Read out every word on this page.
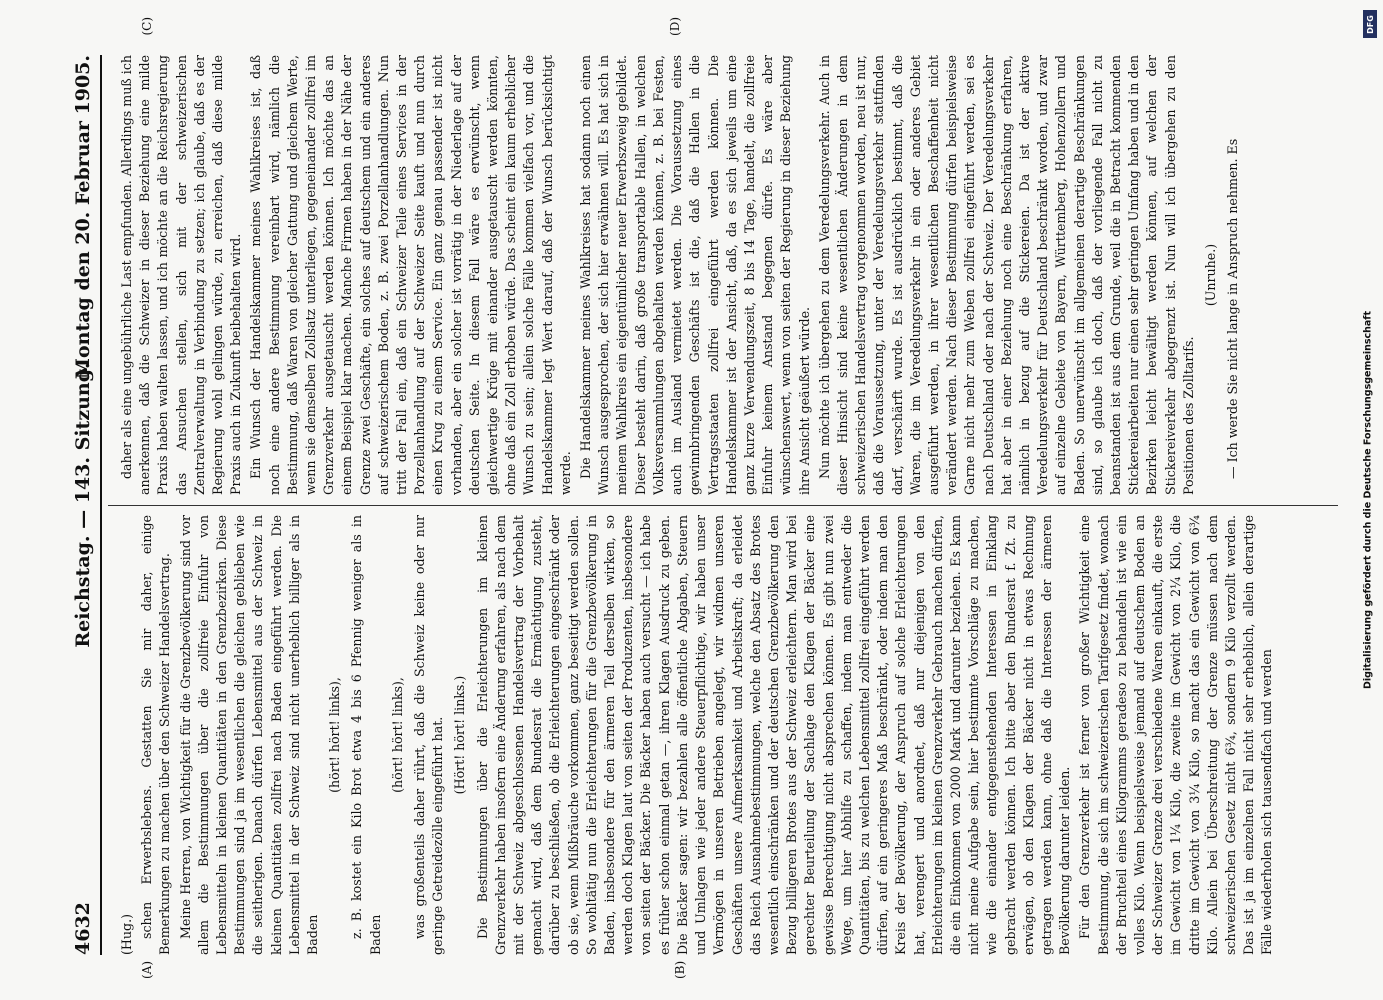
4632
Reichstag. — 143. Sitzung.
Montag den 20. Februar 1905.
(A)	(B)
(C)	(D)

(Hug.) schen Erwerbslebens. Gestatten Sie mir daher, einige Bemerkungen zu machen über den Schweizer Handelsvertrag. Meine Herren, von Wichtigkeit für die Grenzbevölkerung sind vor allem die Bestimmungen über die zollfreie Einfuhr von Lebensmitteln in kleinen Quantitäten in den Grenzbezirken. Diese Bestimmungen sind ja im wesentlichen die gleichen geblieben wie die seitherigen. Danach dürfen Lebensmittel aus der Schweiz in kleinen Quantitäten zollfrei nach Baden eingeführt werden. Die Lebensmittel in der Schweiz sind nicht unerheblich billiger als in Baden

(hört! hört! links), z. B. kostet ein Kilo Brot etwa 4 bis 6 Pfennig weniger als in Baden

(hört! hört! links), was großenteils daher rührt, daß die Schweiz keine oder nur geringe Getreidezölle eingeführt hat. (Hört! hört! links.) Die Bestimmungen über die Erleichterungen im kleinen Grenzverkehr haben insofern eine Änderung erfahren, als nach dem mit der Schweiz abgeschlossenen Handelsvertrag der Vorbehalt gemacht wird, daß dem Bundesrat die Ermächtigung zusteht, darüber zu beschließen, ob die Erleichterungen eingeschränkt oder ob sie, wenn Mißbräuche vorkommen, ganz beseitigt werden sollen. So wohltätig nun die Erleichterungen für die Grenzbevölkerung in Baden, insbesondere für den ärmeren Teil derselben wirken, so werden doch Klagen laut von seiten der Produzenten, insbesondere von seiten der Bäcker. Die Bäcker haben auch versucht — ich habe es früher schon einmal getan —, ihren Klagen Ausdruck zu geben. Die Bäcker sagen: wir bezahlen alle öffentliche Abgaben, Steuern und Umlagen wie jeder andere Steuerpflichtige, wir haben unser Vermögen in unseren Betrieben angelegt, wir widmen unseren Geschäften unsere Aufmerksamkeit und Arbeitskraft; da erleidet das Reich Ausnahmebestimmungen, welche den Absatz des Brotes wesentlich einschränken und der deutschen Grenzbevölkerung den Bezug billigeren Brotes aus der Schweiz erleichtern. Man wird bei gerechter Beurteilung der Sachlage den Klagen der Bäcker eine gewisse Berechtigung nicht absprechen können. Es gibt nun zwei Wege, um hier Abhilfe zu schaffen, indem man entweder die Quantitäten, bis zu welchen Lebensmittel zollfrei eingeführt werden dürfen, auf ein geringeres Maß beschränkt, oder indem man den Kreis der Bevölkerung, der Anspruch auf solche Erleichterungen hat, verengert und anordnet, daß nur diejenigen von den Erleichterungen im kleinen Grenzverkehr Gebrauch machen dürfen, die ein Einkommen von 2000 Mark und darunter beziehen. Es kann nicht meine Aufgabe sein, hier bestimmte Vorschläge zu machen, wie die einander entgegenstehenden Interessen in Einklang gebracht werden können. Ich bitte aber den Bundesrat f. Zt. zu erwägen, ob den Klagen der Bäcker nicht in etwas Rechnung getragen werden kann, ohne daß die Interessen der ärmeren Bevölkerung darunter leiden. Für den Grenzverkehr ist ferner von großer Wichtigkeit eine Bestimmung, die sich im schweizerischen Tarifgesetz findet, wonach der Bruchteil eines Kilogramms geradeso zu behandeln ist wie ein volles Kilo. Wenn beispielsweise jemand auf deutschem Boden an der Schweizer Grenze drei verschiedene Waren einkauft, die erste im Gewicht von 1¼ Kilo, die zweite im Gewicht von 2¼ Kilo, die dritte im Gewicht von 3¼ Kilo, so macht das ein Gewicht von 6¾ Kilo. Allein bei Überschreitung der Grenze müssen nach dem schweizerischen Gesetz nicht 6¾, sondern 9 Kilo verzollt werden. Das ist ja im einzelnen Fall nicht sehr erheblich, allein derartige Fälle wiederholen sich tausendfach und werden

daher als eine ungebührliche Last empfunden. Allerdings muß ich anerkennen, daß die Schweizer in dieser Beziehung eine milde Praxis haben walten lassen, und ich möchte an die Reichsregierung das Ansuchen stellen, sich mit der schweizerischen Zentralverwaltung in Verbindung zu setzen; ich glaube, daß es der Regierung wohl gelingen würde, zu erreichen, daß diese milde Praxis auch in Zukunft beibehalten wird. Ein Wunsch der Handelskammer meines Wahlkreises ist, daß noch eine andere Bestimmung vereinbart wird, nämlich die Bestimmung, daß Waren von gleicher Gattung und gleichem Werte, wenn sie demselben Zollsatz unterliegen, gegeneinander zollfrei im Grenzverkehr ausgetauscht werden können. Ich möchte das an einem Beispiel klar machen. Manche Firmen haben in der Nähe der Grenze zwei Geschäfte, ein solches auf deutschem und ein anderes auf schweizerischem Boden, z. B. zwei Porzellanhandlungen. Nun tritt der Fall ein, daß ein Schweizer Teile eines Services in der Porzellanhandlung auf der Schweizer Seite kauft und nun durch einen Krug zu einem Service. Ein ganz genau passender ist nicht vorhanden, aber ein solcher ist vorrätig in der Niederlage auf der deutschen Seite. In diesem Fall wäre es erwünscht, wenn gleichwertige Krüge mit einander ausgetauscht werden könnten, ohne daß ein Zoll erhoben würde. Das scheint ein kaum erheblicher Wunsch zu sein; allein solche Fälle kommen vielfach vor, und die Handelskammer legt Wert darauf, daß der Wunsch berücksichtigt werde. Die Handelskammer meines Wahlkreises hat sodann noch einen Wunsch ausgesprochen, der sich hier erwähnen will. Es hat sich in meinem Wahlkreis ein eigentümlicher neuer Erwerbszweig gebildet. Dieser besteht darin, daß große transportable Hallen, in welchen Volksversammlungen abgehalten werden können, z. B. bei Festen, auch im Ausland vermietet werden. Die Voraussetzung eines gewinnbringenden Geschäfts ist die, daß die Hallen in die Vertragsstaaten zollfrei eingeführt werden können. Die Handelskammer ist der Ansicht, daß, da es sich jeweils um eine ganz kurze Verwendungszeit, 8 bis 14 Tage, handelt, die zollfreie Einfuhr keinem Anstand begegnen dürfe. Es wäre aber wünschenswert, wenn von seiten der Regierung in dieser Beziehung ihre Ansicht geäußert würde. Nun möchte ich übergehen zu dem Veredelungsverkehr. Auch in dieser Hinsicht sind keine wesentlichen Änderungen in dem schweizerischen Handelsvertrag vorgenommen worden, neu ist nur, daß die Voraussetzung, unter der Veredelungsverkehr stattfinden darf, verschärft wurde. Es ist ausdrücklich bestimmt, daß die Waren, die im Veredelungsverkehr in ein oder anderes Gebiet ausgeführt werden, in ihrer wesentlichen Beschaffenheit nicht verändert werden. Nach dieser Bestimmung dürfen beispielsweise Garne nicht mehr zum Weben zollfrei eingeführt werden, sei es nach Deutschland oder nach der Schweiz. Der Veredelungsverkehr hat aber in einer Beziehung noch eine Beschränkung erfahren, nämlich in bezug auf die Stickereien. Da ist der aktive Veredelungsverkehr für Deutschland beschränkt worden, und zwar auf einzelne Gebiete von Bayern, Württemberg, Hohenzollern und Baden. So unerwünscht im allgemeinen derartige Beschränkungen sind, so glaube ich doch, daß der vorliegende Fall nicht zu beanstanden ist aus dem Grunde, weil die in Betracht kommenden Stickereiarbeiten nur einen sehr geringen Umfang haben und in den Bezirken leicht bewältigt werden können, auf welchen der Stickereiverkehr abgegrenzt ist. Nun will ich übergehen zu den Positionen des Zolltarifs.

(Unruhe.) — Ich werde Sie nicht lange in Anspruch nehmen. Es

DFG
Digitalisierung gefördert durch die Deutsche Forschungsgemeinschaft
